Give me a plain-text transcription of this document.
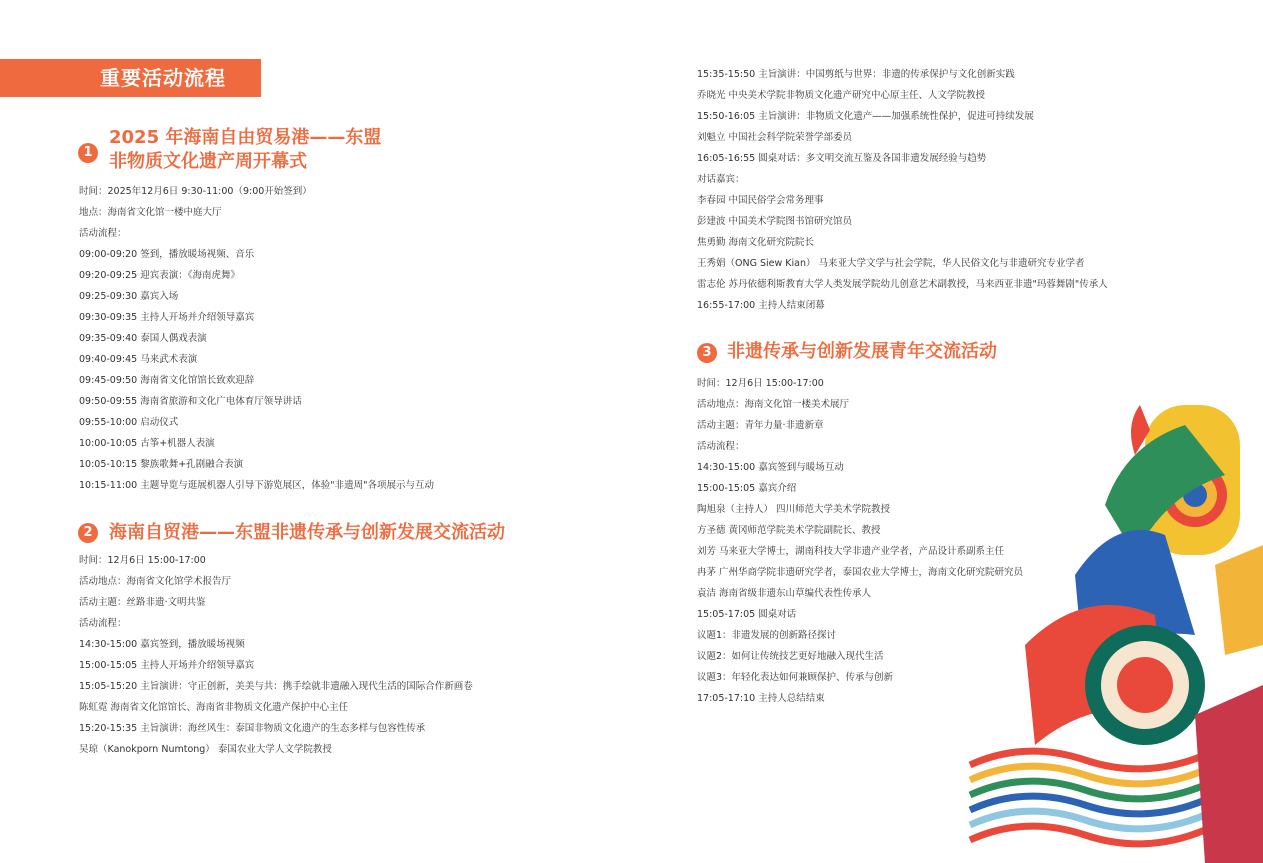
重要活动流程
1
2025 年海南自由贸易港——东盟
非物质文化遗产周开幕式
时间：2025年12月6日 9:30-11:00（9:00开始签到）
地点：海南省文化馆一楼中庭大厅
活动流程：
09:00-09:20 签到，播放暖场视频、音乐
09:20-09:25 迎宾表演：《海南虎舞》
09:25-09:30 嘉宾入场
09:30-09:35 主持人开场并介绍领导嘉宾
09:35-09:40 泰国人偶戏表演
09:40-09:45 马来武术表演
09:45-09:50 海南省文化馆馆长致欢迎辞
09:50-09:55 海南省旅游和文化广电体育厅领导讲话
09:55-10:00 启动仪式
10:00-10:05 古筝+机器人表演
10:05-10:15 黎族歌舞+孔剧融合表演
10:15-11:00 主题导览与逛展机器人引导下游览展区，体验"非遗周"各项展示与互动
2 海南自贸港——东盟非遗传承与创新发展交流活动
时间：12月6日 15:00-17:00
活动地点：海南省文化馆学术报告厅
活动主题：丝路非遗·文明共鉴
活动流程：
14:30-15:00 嘉宾签到，播放暖场视频
15:00-15:05 主持人开场并介绍领导嘉宾
15:05-15:20 主旨演讲：守正创新，美美与共：携手绘就非遗融入现代生活的国际合作新画卷
陈虹霓 海南省文化馆馆长、海南省非物质文化遗产保护中心主任
15:20-15:35 主旨演讲：海丝风生：泰国非物质文化遗产的生态多样与包容性传承
吴琼（Kanokporn Numtong） 泰国农业大学人文学院教授
15:35-15:50 主旨演讲：中国剪纸与世界：非遗的传承保护与文化创新实践
乔晓光 中央美术学院非物质文化遗产研究中心原主任、人文学院教授
15:50-16:05 主旨演讲：非物质文化遗产——加强系统性保护，促进可持续发展
刘魁立 中国社会科学院荣誉学部委员
16:05-16:55 圆桌对话：多文明交流互鉴及各国非遗发展经验与趋势
对话嘉宾：
李春园 中国民俗学会常务理事
彭建波 中国美术学院图书馆研究馆员
焦勇勤 海南文化研究院院长
王秀娟（ONG Siew Kian） 马来亚大学文学与社会学院，华人民俗文化与非遗研究专业学者
雷志伦 苏丹依德利斯教育大学人类发展学院幼儿创意艺术副教授，马来西亚非遗"玛蓉舞剧"传承人
16:55-17:00 主持人结束闭幕
3 非遗传承与创新发展青年交流活动
时间：12月6日 15:00-17:00
活动地点：海南文化馆一楼美术展厅
活动主题：青年力量·非遗新章
活动流程：
14:30-15:00 嘉宾签到与暖场互动
15:00-15:05 嘉宾介绍
陶旭泉（主持人） 四川师范大学美术学院教授
方圣德 黄冈师范学院美术学院副院长、教授
刘芳 马来亚大学博士，湖南科技大学非遗产业学者，产品设计系副系主任
冉茅 广州华商学院非遗研究学者，泰国农业大学博士，海南文化研究院研究员
袁洁 海南省级非遗东山草编代表性传承人
15:05-17:05 圆桌对话
议题1：非遗发展的创新路径探讨
议题2：如何让传统技艺更好地融入现代生活
议题3：年轻化表达如何兼顾保护、传承与创新
17:05-17:10 主持人总结结束
